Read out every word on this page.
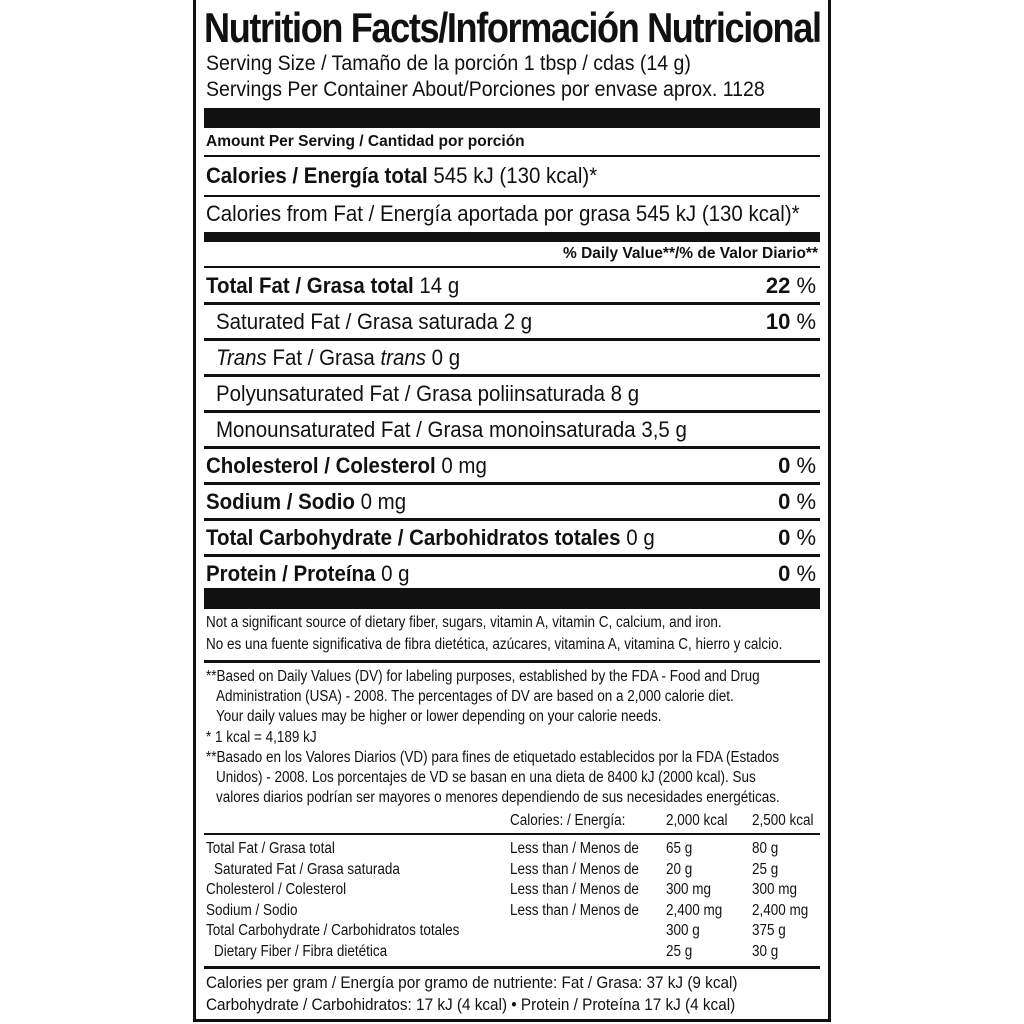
Nutrition Facts/Información Nutricional
Serving Size / Tamaño de la porción 1 tbsp / cdas (14 g)
Servings Per Container About/Porciones por envase aprox. 1128
Amount Per Serving / Cantidad por porción
Calories / Energía total 545 kJ (130 kcal)*
Calories from Fat / Energía aportada por grasa 545 kJ (130 kcal)*
% Daily Value**/% de Valor Diario**
Total Fat / Grasa total 14 g	22 %
Saturated Fat / Grasa saturada 2 g	10 %
Trans Fat / Grasa trans 0 g
Polyunsaturated Fat / Grasa poliinsaturada 8 g
Monounsaturated Fat / Grasa monoinsaturada 3,5 g
Cholesterol / Colesterol 0 mg	0 %
Sodium / Sodio 0 mg	0 %
Total Carbohydrate / Carbohidratos totales 0 g	0 %
Protein / Proteína 0 g	0 %
Not a significant source of dietary fiber, sugars, vitamin A, vitamin C, calcium, and iron.
No es una fuente significativa de fibra dietética, azúcares, vitamina A, vitamina C, hierro y calcio.
**Based on Daily Values (DV) for labeling purposes, established by the FDA - Food and Drug
Administration (USA) - 2008. The percentages of DV are based on a 2,000 calorie diet.
Your daily values may be higher or lower depending on your calorie needs.
* 1 kcal = 4,189 kJ
**Basado en los Valores Diarios (VD) para fines de etiquetado establecidos por la FDA (Estados
Unidos) - 2008. Los porcentajes de VD se basan en una dieta de 8400 kJ (2000 kcal). Sus
valores diarios podrían ser mayores o menores dependiendo de sus necesidades energéticas.
Calories: / Energía:	2,000 kcal 2,500 kcal
Total Fat / Grasa total	Less than / Menos de 65 g	80 g
Saturated Fat / Grasa saturada	Less than / Menos de 20 g	25 g
Cholesterol / Colesterol	Less than / Menos de 300 mg	300 mg
Sodium / Sodio	Less than / Menos de 2,400 mg 2,400 mg
Total Carbohydrate / Carbohidratos totales	300 g	375 g
Dietary Fiber / Fibra dietética	25 g	30 g
Calories per gram / Energía por gramo de nutriente: Fat / Grasa: 37 kJ (9 kcal)
Carbohydrate / Carbohidratos: 17 kJ (4 kcal) • Protein / Proteína 17 kJ (4 kcal)
